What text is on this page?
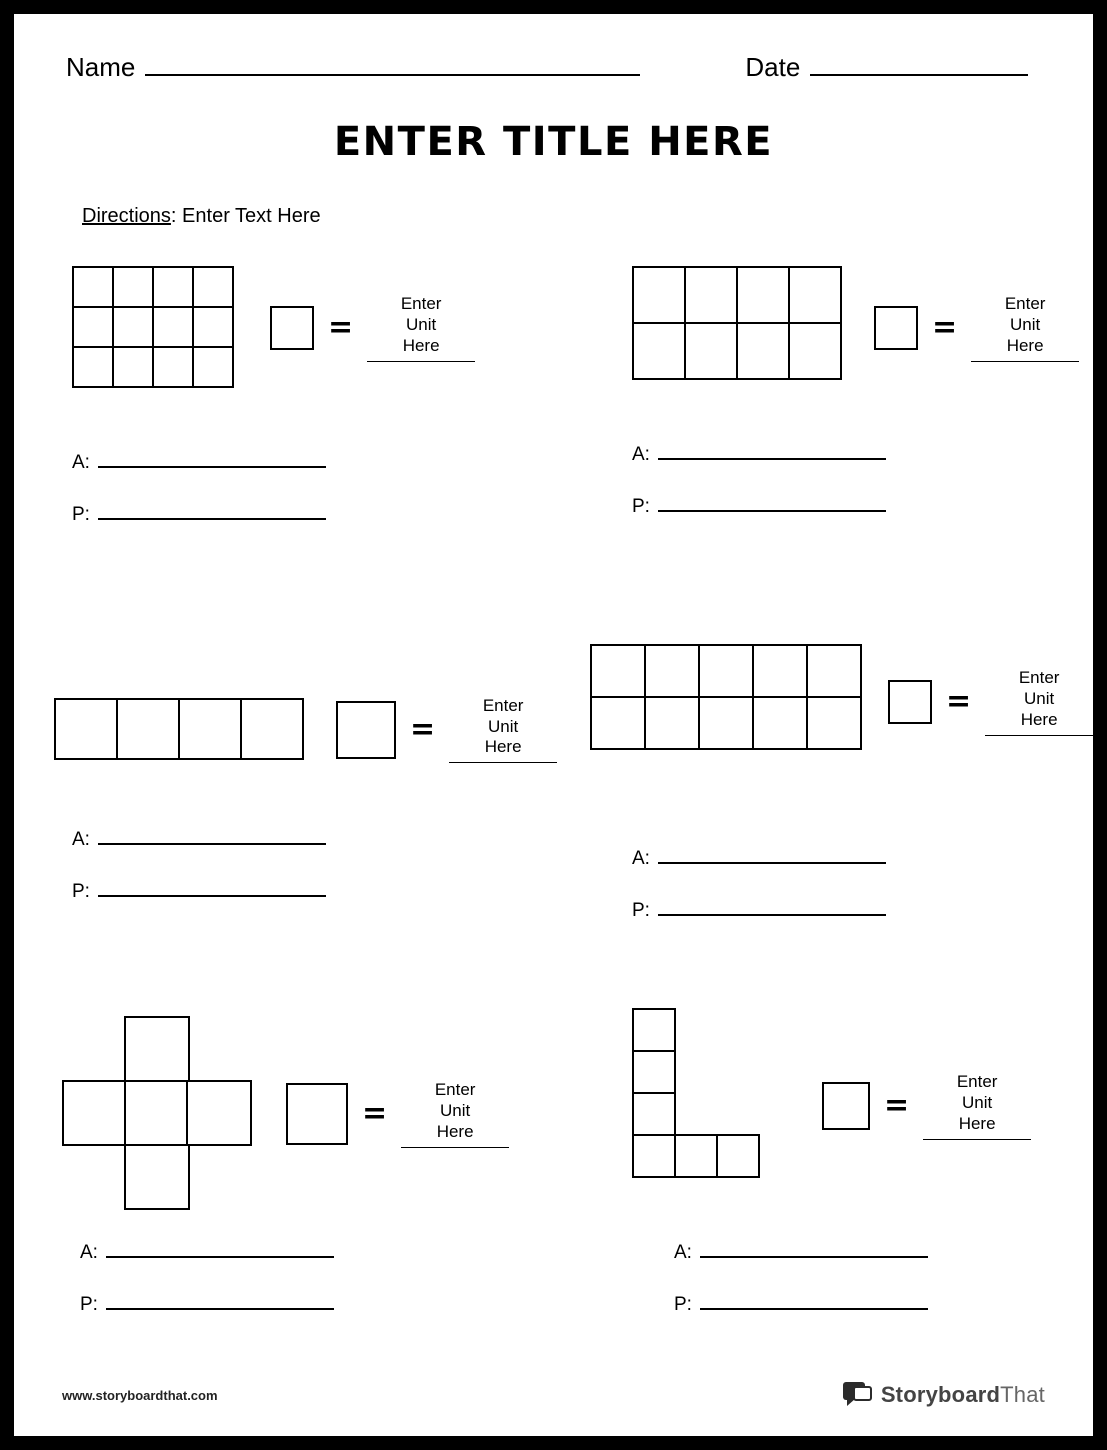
Name	Date
ENTER TITLE HERE
Directions: Enter Text Here
=
Enter
Unit
Here
A:
P:
=
Enter
Unit
Here
A:
P:
=
Enter
Unit
Here
A:
P:
=
Enter
Unit
Here
A:
P:
=
Enter
Unit
Here
A:
P:
=
Enter
Unit
Here
A:
P:
www.storyboardthat.com	StoryboardThat
